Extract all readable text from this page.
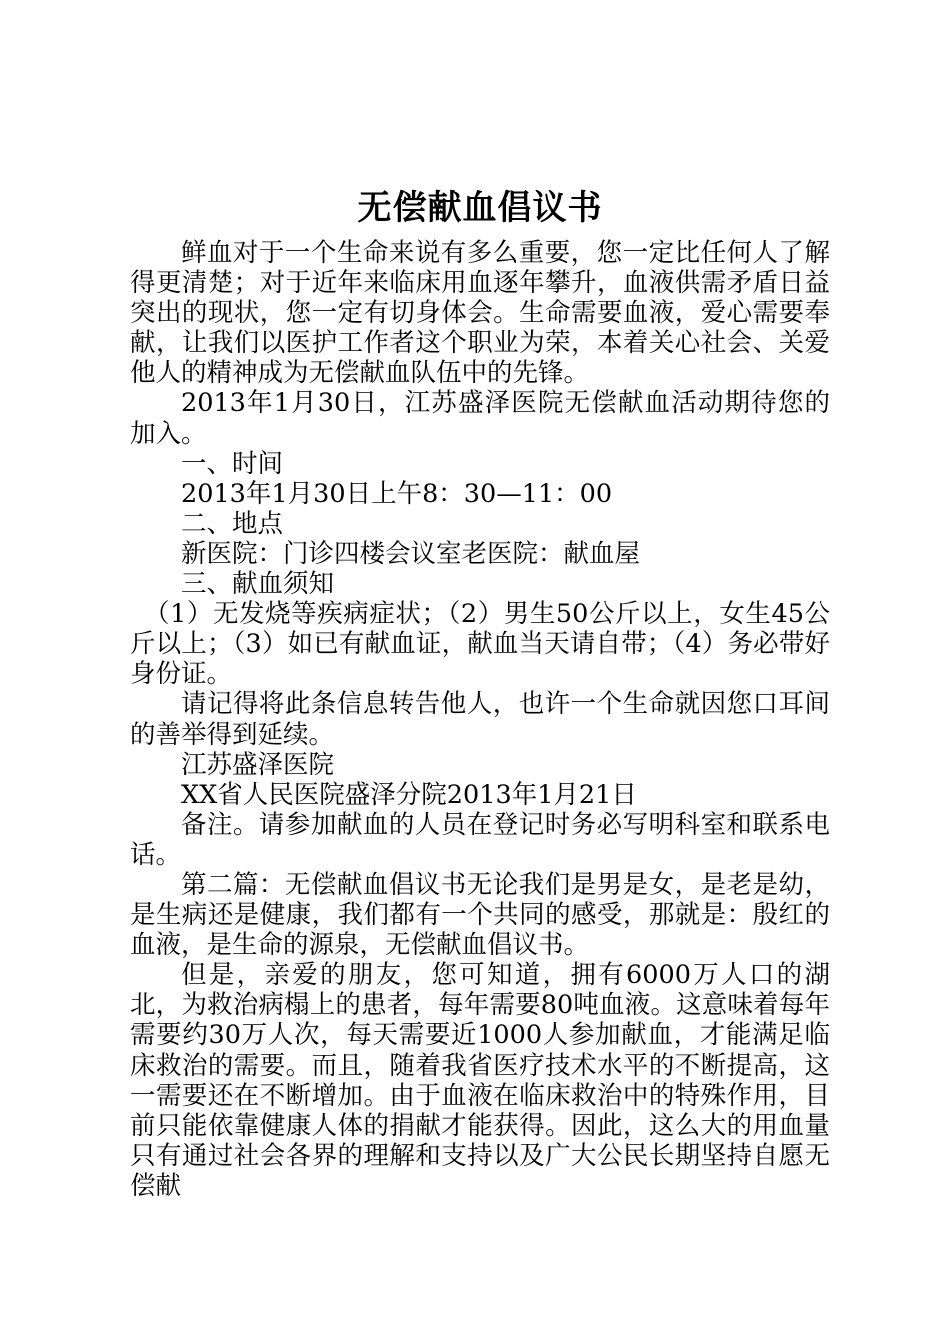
无偿献血倡议书

鲜血对于一个生命来说有多么重要，您一定比任何人了解得更清楚；对于近年来临床用血逐年攀升，血液供需矛盾日益突出的现状，您一定有切身体会。生命需要血液，爱心需要奉献，让我们以医护工作者这个职业为荣，本着关心社会、关爱他人的精神成为无偿献血队伍中的先锋。

2013年1月30日，江苏盛泽医院无偿献血活动期待您的加入。

一、时间

2013年1月30日上午8：30—11：00

二、地点

新医院：门诊四楼会议室老医院：献血屋

三、献血须知

（1）无发烧等疾病症状；（2）男生50公斤以上，女生45公斤以上；（3）如已有献血证，献血当天请自带；（4）务必带好身份证。

请记得将此条信息转告他人，也许一个生命就因您口耳间的善举得到延续。

江苏盛泽医院

XX省人民医院盛泽分院2013年1月21日

备注。请参加献血的人员在登记时务必写明科室和联系电话。

第二篇：无偿献血倡议书无论我们是男是女，是老是幼，是生病还是健康，我们都有一个共同的感受，那就是：殷红的血液，是生命的源泉，无偿献血倡议书。

但是，亲爱的朋友，您可知道，拥有6000万人口的湖北，为救治病榻上的患者，每年需要80吨血液。这意味着每年需要约30万人次，每天需要近1000人参加献血，才能满足临床救治的需要。而且，随着我省医疗技术水平的不断提高，这一需要还在不断增加。由于血液在临床救治中的特殊作用，目前只能依靠健康人体的捐献才能获得。因此，这么大的用血量只有通过社会各界的理解和支持以及广大公民长期坚持自愿无偿献
